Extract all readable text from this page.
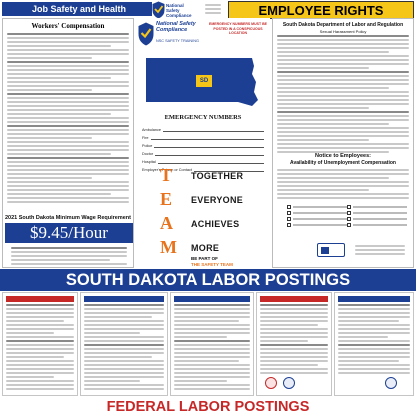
Job Safety and Health	National Safety Compliance	EMPLOYEE RIGHTS
Workers' Compensation
2021 South Dakota Minimum Wage Requirement
$9.45/Hour
National Safety Compliance
NSC SAFETY TRAINING
EMERGENCY NUMBERS MUST BE POSTED IN A CONSPICUOUS LOCATION
SD
EMERGENCY NUMBERS
Ambulance
Fire
Police
Doctor
Hospital
Employer's Poison or Contact
T TOGETHER
E EVERYONE
A ACHIEVES
M MORE
BE PART OF
THE SAFETY TEAM
South Dakota Department of Labor and Regulation
Sexual Harassment Policy
Notice to Employees:
Availability of Unemployment Compensation
SOUTH DAKOTA LABOR POSTINGS
FEDERAL LABOR POSTINGS
